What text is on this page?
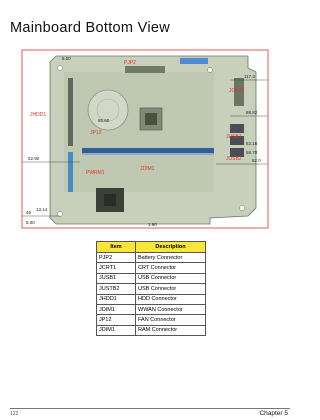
Mainboard Bottom View
PJP2
JCRT1
JHDD1
JP12
JUSB1
JUSB2
JDIM1
PWRM1
8.00
117.3
85.60
88.82
63.16
58.70
52.90	52.0
49
13.14
8.00	1.90
Item	Description
PJP2	Battery Connector
JCRT1	CRT Connector
JUSB1	USB Connector
JUSTB2	USB Connector
JHDD1	HDD Connector
JDIM1	WWAN Connector
JP12	FAN Connector
JDIM1	RAM Connector
122	Chapter 5
